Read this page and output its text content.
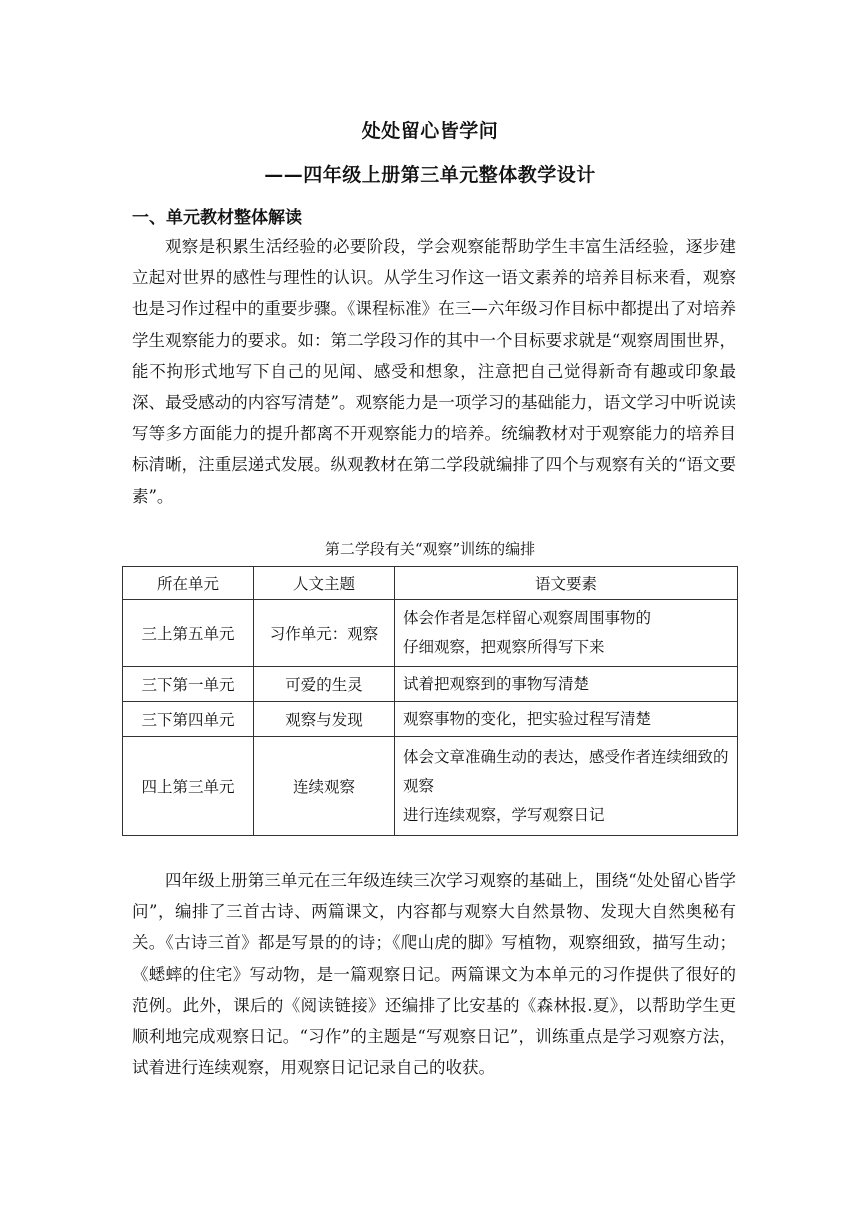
处处留心皆学问
——四年级上册第三单元整体教学设计
一、单元教材整体解读
观察是积累生活经验的必要阶段，学会观察能帮助学生丰富生活经验，逐步建立起对世界的感性与理性的认识。从学生习作这一语文素养的培养目标来看，观察也是习作过程中的重要步骤。《课程标准》在三—六年级习作目标中都提出了对培养学生观察能力的要求。如：第二学段习作的其中一个目标要求就是“观察周围世界，能不拘形式地写下自己的见闻、感受和想象，注意把自己觉得新奇有趣或印象最深、最受感动的内容写清楚”。观察能力是一项学习的基础能力，语文学习中听说读写等多方面能力的提升都离不开观察能力的培养。统编教材对于观察能力的培养目标清晰，注重层递式发展。纵观教材在第二学段就编排了四个与观察有关的“语文要素”。
第二学段有关“观察”训练的编排
所在单元	人文主题	语文要素
三上第五单元	习作单元：观察	体会作者是怎样留心观察周围事物的
仔细观察，把观察所得写下来

三下第一单元	可爱的生灵	试着把观察到的事物写清楚

三下第四单元	观察与发现	观察事物的变化，把实验过程写清楚

四上第三单元	连续观察	体会文章准确生动的表达，感受作者连续细致的观察
进行连续观察，学写观察日记
四年级上册第三单元在三年级连续三次学习观察的基础上，围绕“处处留心皆学问”，编排了三首古诗、两篇课文，内容都与观察大自然景物、发现大自然奥秘有关。《古诗三首》都是写景的的诗；《爬山虎的脚》写植物，观察细致，描写生动；《蟋蟀的住宅》写动物，是一篇观察日记。两篇课文为本单元的习作提供了很好的范例。此外，课后的《阅读链接》还编排了比安基的《森林报.夏》，以帮助学生更顺利地完成观察日记。“习作”的主题是“写观察日记”，训练重点是学习观察方法，试着进行连续观察，用观察日记记录自己的收获。
